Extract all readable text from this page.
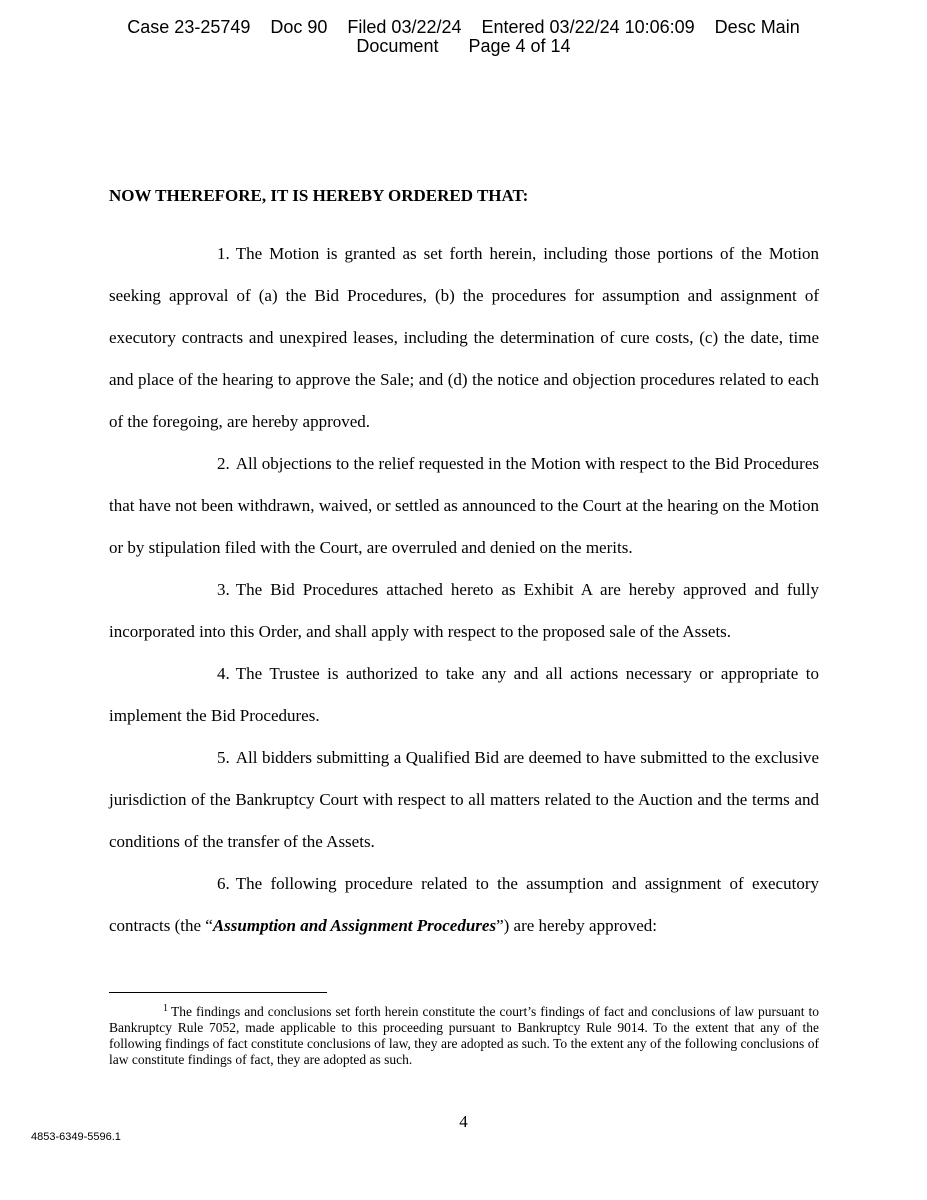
Case 23-25749    Doc 90    Filed 03/22/24    Entered 03/22/24 10:06:09    Desc Main
Document      Page 4 of 14
NOW THEREFORE, IT IS HEREBY ORDERED THAT:

1. The Motion is granted as set forth herein, including those portions of the Motion seeking approval of (a) the Bid Procedures, (b) the procedures for assumption and assignment of executory contracts and unexpired leases, including the determination of cure costs, (c) the date, time and place of the hearing to approve the Sale; and (d) the notice and objection procedures related to each of the foregoing, are hereby approved.

2. All objections to the relief requested in the Motion with respect to the Bid Procedures that have not been withdrawn, waived, or settled as announced to the Court at the hearing on the Motion or by stipulation filed with the Court, are overruled and denied on the merits.

3. The Bid Procedures attached hereto as Exhibit A are hereby approved and fully incorporated into this Order, and shall apply with respect to the proposed sale of the Assets.

4. The Trustee is authorized to take any and all actions necessary or appropriate to implement the Bid Procedures.

5. All bidders submitting a Qualified Bid are deemed to have submitted to the exclusive jurisdiction of the Bankruptcy Court with respect to all matters related to the Auction and the terms and conditions of the transfer of the Assets.

6. The following procedure related to the assumption and assignment of executory contracts (the “Assumption and Assignment Procedures”) are hereby approved:

$^1$ The findings and conclusions set forth herein constitute the court’s findings of fact and conclusions of law pursuant to Bankruptcy Rule 7052, made applicable to this proceeding pursuant to Bankruptcy Rule 9014. To the extent that any of the following findings of fact constitute conclusions of law, they are adopted as such. To the extent any of the following conclusions of law constitute findings of fact, they are adopted as such.

4
4853-6349-5596.1
